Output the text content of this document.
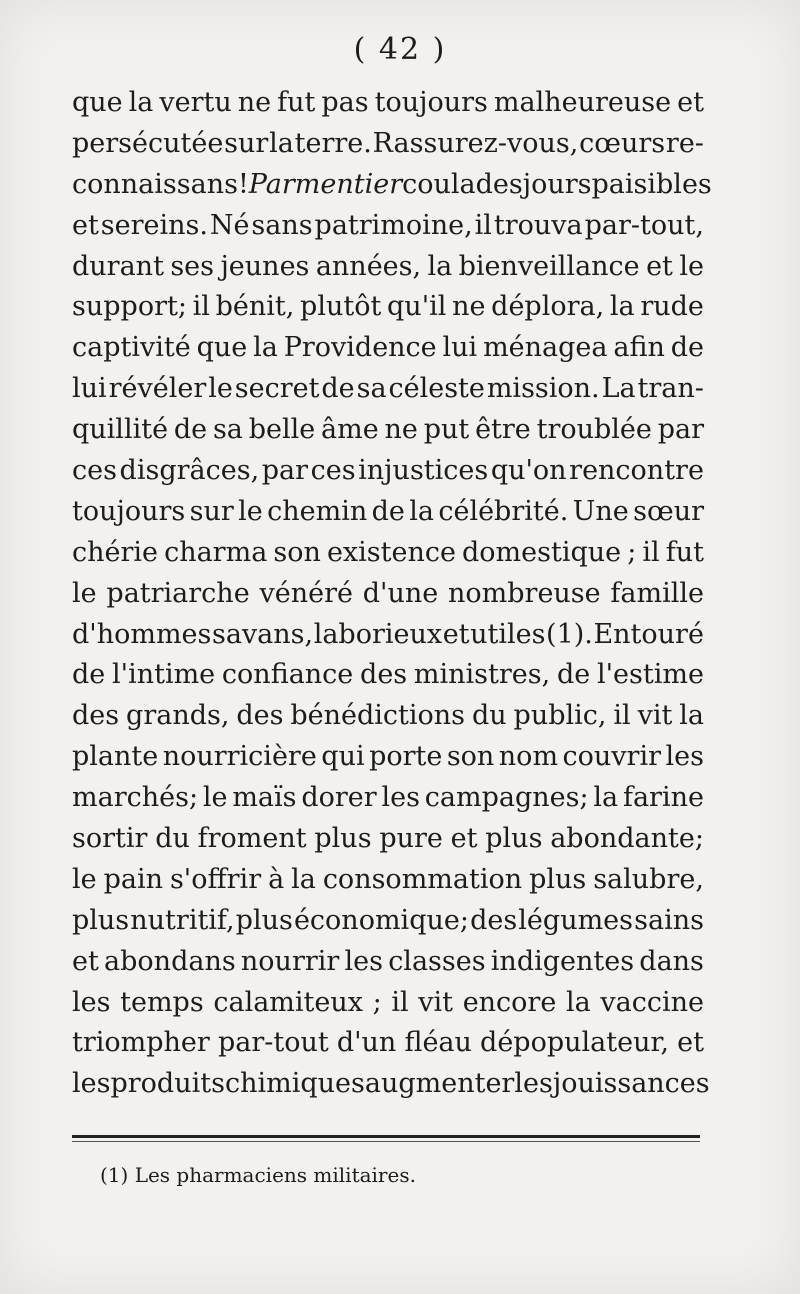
( 42 )
que la vertu ne fut pas toujours malheureuse et
persécutée sur la terre. Rassurez-vous, cœurs re-
connaissans! Parmentier coula des jours paisibles
et sereins. Né sans patrimoine, il trouva par-tout,
durant ses jeunes années, la bienveillance et le
support; il bénit, plutôt qu'il ne déplora, la rude
captivité que la Providence lui ménagea afin de
lui révéler le secret de sa céleste mission. La tran-
quillité de sa belle âme ne put être troublée par
ces disgrâces, par ces injustices qu'on rencontre
toujours sur le chemin de la célébrité. Une sœur
chérie charma son existence domestique ; il fut
le patriarche vénéré d'une nombreuse famille
d'hommes savans, laborieux et utiles (1). Entouré
de l'intime confiance des ministres, de l'estime
des grands, des bénédictions du public, il vit la
plante nourricière qui porte son nom couvrir les
marchés; le maïs dorer les campagnes; la farine
sortir du froment plus pure et plus abondante;
le pain s'offrir à la consommation plus salubre,
plus nutritif, plus économique; des légumes sains
et abondans nourrir les classes indigentes dans
les temps calamiteux ; il vit encore la vaccine
triompher par-tout d'un fléau dépopulateur, et
les produits chimiques augmenter les jouissances
(1) Les pharmaciens militaires.
